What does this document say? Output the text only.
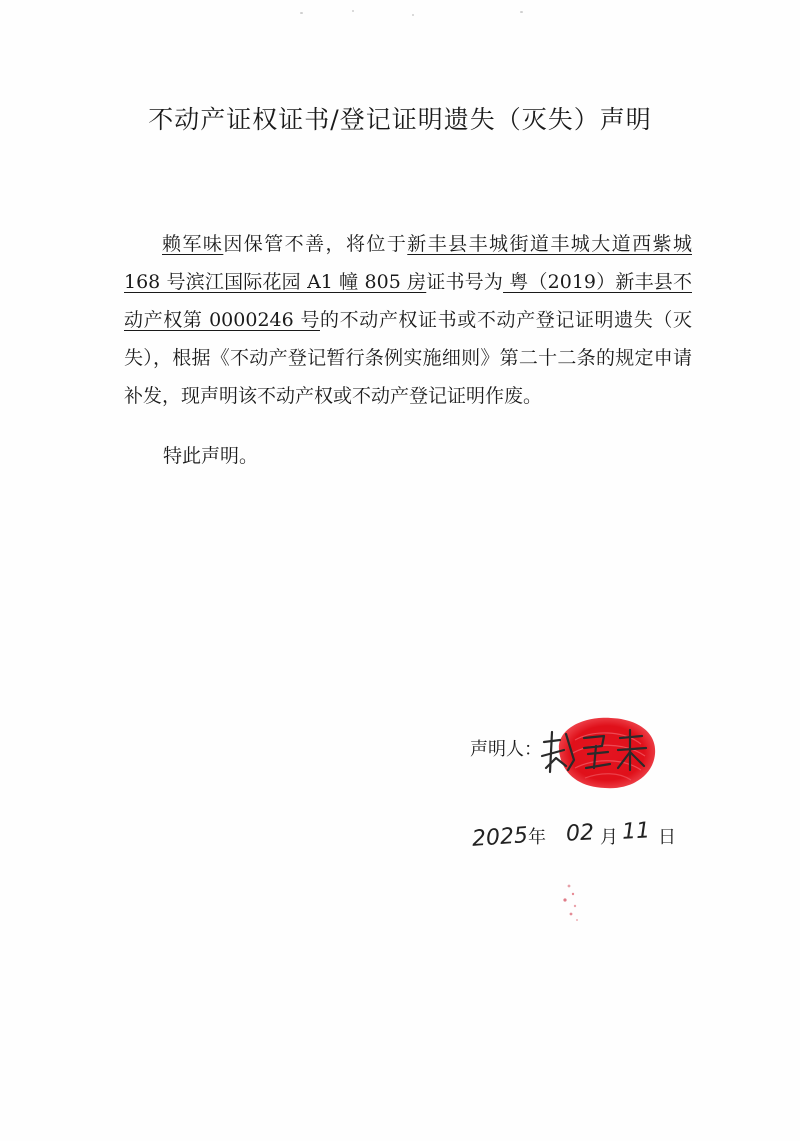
不动产证权证书/登记证明遗失（灭失）声明
赖军味因保管不善，将位于新丰县丰城街道丰城大道西紫城 168 号滨江国际花园 A1 幢 805 房证书号为 粤（2019）新丰县不动产权第 0000246 号的不动产权证书或不动产登记证明遗失（灭失），根据《不动产登记暂行条例实施细则》第二十二条的规定申请补发，现声明该不动产权或不动产登记证明作废。
特此声明。
声明人：
2025 年 02 月 11 日
